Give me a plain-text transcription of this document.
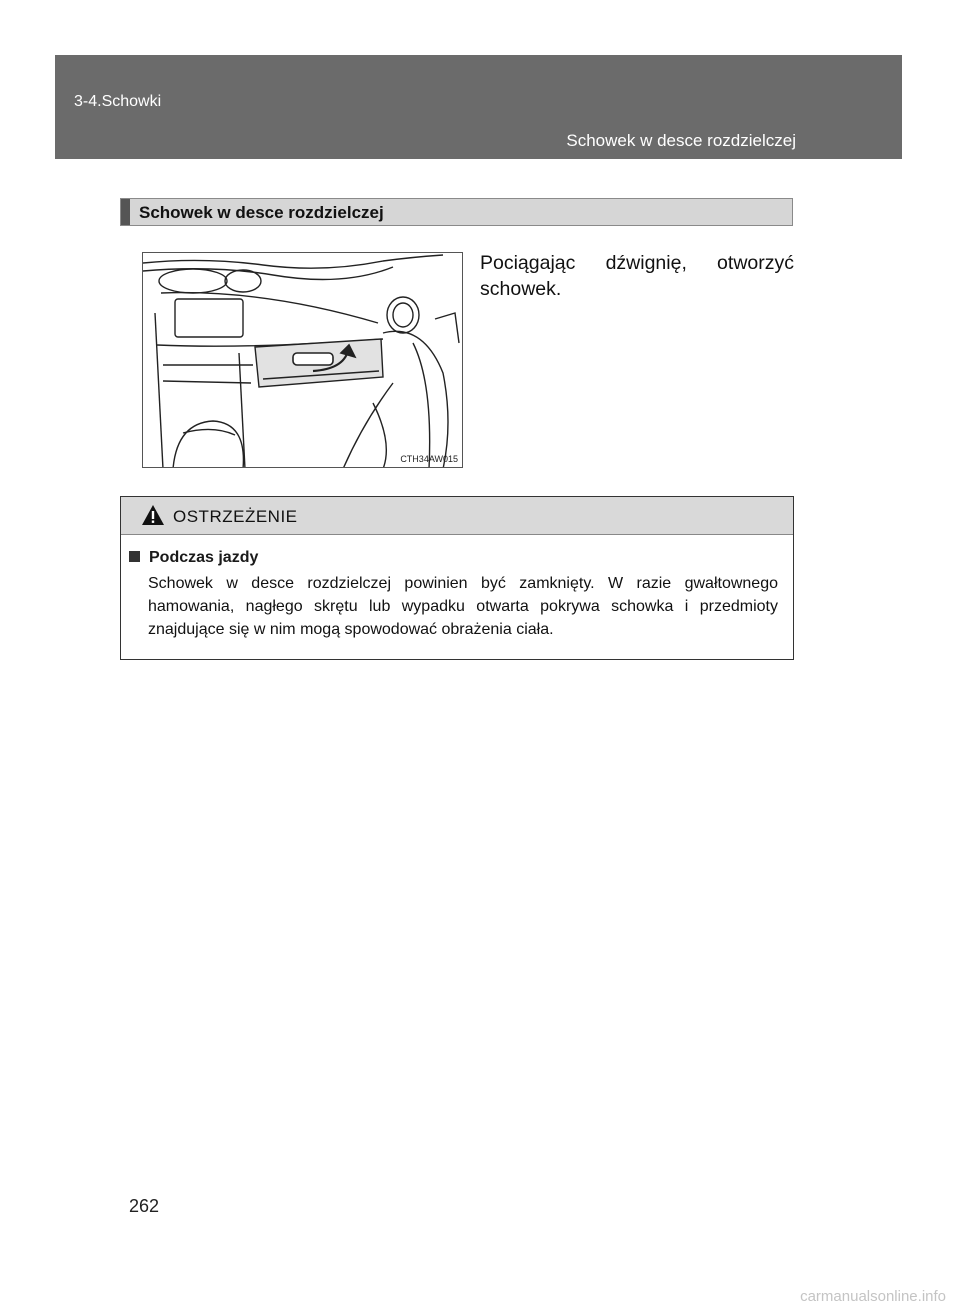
3-4.Schowki
Schowek w desce rozdzielczej
Schowek w desce rozdzielczej
CTH34AW015
Pociągając dźwignię, otworzyć schowek.
OSTRZEŻENIE
Podczas jazdy
Schowek w desce rozdzielczej powinien być zamknięty. W razie gwałtownego hamowania, nagłego skrętu lub wypadku otwarta pokrywa schowka i przedmioty znajdujące się w nim mogą spowodować obrażenia ciała.
262
carmanualsonline.info
